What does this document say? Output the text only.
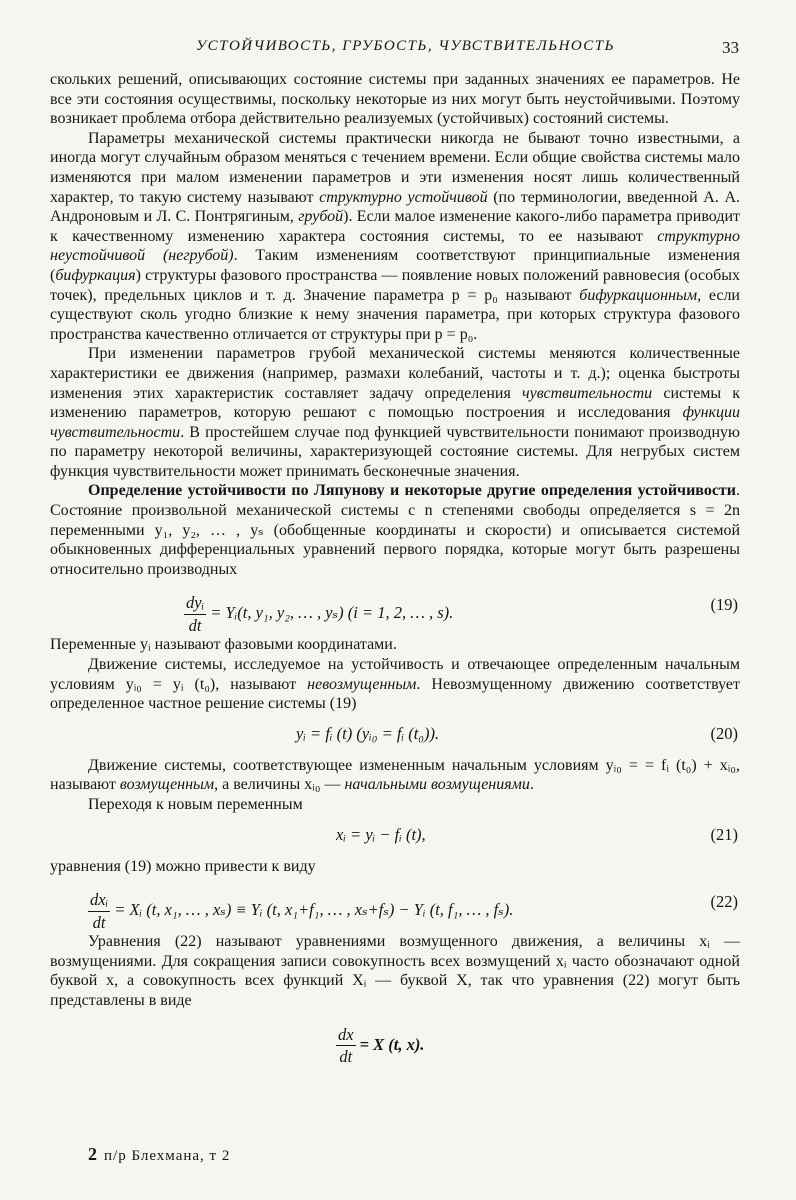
УСТОЙЧИВОСТЬ, ГРУБОСТЬ, ЧУВСТВИТЕЛЬНОСТЬ	33

скольких решений, описывающих состояние системы при заданных значениях ее параметров. Не все эти состояния осуществимы, поскольку некоторые из них могут быть неустойчивыми. Поэтому возникает проблема отбора действительно реализуемых (устойчивых) состояний системы.

Параметры механической системы практически никогда не бывают точно известными, а иногда могут случайным образом меняться с течением времени. Если общие свойства системы мало изменяются при малом изменении параметров и эти изменения носят лишь количественный характер, то такую систему называют структурно устойчивой (по терминологии, введенной А. А. Андроновым и Л. С. Понтрягиным, грубой). Если малое изменение какого-либо параметра приводит к качественному изменению характера состояния системы, то ее называют структурно неустойчивой (негрубой). Таким изменениям соответствуют принципиальные изменения (бифуркация) структуры фазового пространства — появление новых положений равновесия (особых точек), предельных циклов и т. д. Значение параметра p = p₀ называют бифуркационным, если существуют сколь угодно близкие к нему значения параметра, при которых структура фазового пространства качественно отличается от структуры при p = p₀.

При изменении параметров грубой механической системы меняются количественные характеристики ее движения (например, размахи колебаний, частоты и т. д.); оценка быстроты изменения этих характеристик составляет задачу определения чувствительности системы к изменению параметров, которую решают с помощью построения и исследования функции чувствительности. В простейшем случае под функцией чувствительности понимают производную по параметру некоторой величины, характеризующей состояние системы. Для негрубых систем функция чувствительности может принимать бесконечные значения.

Определение устойчивости по Ляпунову и некоторые другие определения устойчивости. Состояние произвольной механической системы с n степенями свободы определяется s = 2n переменными y₁, y₂, … , yₛ (обобщенные координаты и скорости) и описывается системой обыкновенных дифференциальных уравнений первого порядка, которые могут быть разрешены относительно производных

$\frac{\text{dyᵢ}}{dt}$ = Yᵢ(t, y₁, y₂, … , yₛ) (i = 1, 2, … , s).	(19)

Переменные yᵢ называют фазовыми координатами.

Движение системы, исследуемое на устойчивость и отвечающее определенным начальным условиям yᵢ₀ = yᵢ (t₀), называют невозмущенным. Невозмущенному движению соответствует определенное частное решение системы (19)

yᵢ = fᵢ (t) (yᵢ₀ = fᵢ (t₀)).	(20)

Движение системы, соответствующее измененным начальным условиям yᵢ₀ = = fᵢ (t₀) + xᵢ₀, называют возмущенным, а величины xᵢ₀ — начальными возмущениями.

Переходя к новым переменным

xᵢ = yᵢ − fᵢ (t),	(21)

уравнения (19) можно привести к виду

$\frac{\text{dxᵢ}}{dt}$ = Xᵢ (t, x₁, … , xₛ) ≡ Yᵢ (t, x₁+f₁, … , xₛ+fₛ) − Yᵢ (t, f₁, … , fₛ).	(22)

Уравнения (22) называют уравнениями возмущенного движения, а величины xᵢ — возмущениями. Для сокращения записи совокупность всех возмущений xᵢ часто обозначают одной буквой x, а совокупность всех функций Xᵢ — буквой X, так что уравнения (22) могут быть представлены в виде

$\frac{dx}{dt} = X$ (t, x).
2 п/р Блехмана, т 2
